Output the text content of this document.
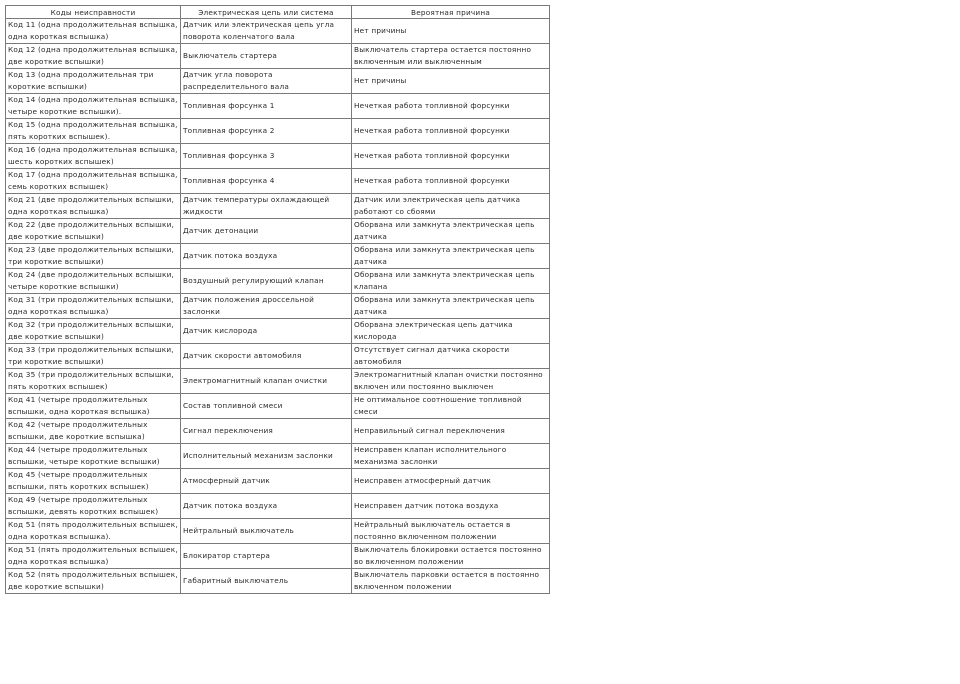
Коды неисправности	Электрическая цепь или система	Вероятная причина
Код 11 (одна продолжительная вспышка, одна короткая вспышка)	Датчик или электрическая цепь угла поворота коленчатого вала	Нет причины
Код 12 (одна продолжительная вспышка, две короткие вспышки)	Выключатель стартера	Выключатель стартера остается постоянно включенным или выключенным
Код 13 (одна продолжительная три короткие вспышки)	Датчик угла поворота распределительного вала	Нет причины
Код 14 (одна продолжительная вспышка, четыре короткие вспышки).	Топливная форсунка 1	Нечеткая работа топливной форсунки
Код 15 (одна продолжительная вспышка, пять коротких вспышек).	Топливная форсунка 2	Нечеткая работа топливной форсунки
Код 16 (одна продолжительная вспышка, шесть коротких вспышек)	Топливная форсунка 3	Нечеткая работа топливной форсунки
Код 17 (одна продолжительная вспышка, семь коротких вспышек)	Топливная форсунка 4	Нечеткая работа топливной форсунки
Код 21 (две продолжительных вспышки, одна короткая вспышка)	Датчик температуры охлаждающей жидкости	Датчик или электрическая цепь датчика работают со сбоями
Код 22 (две продолжительных вспышки, две короткие вспышки)	Датчик детонации	Оборвана или замкнута электрическая цепь датчика
Код 23 (две продолжительных вспышки, три короткие вспышки)	Датчик потока воздуха	Оборвана или замкнута электрическая цепь датчика
Код 24 (две продолжительных вспышки, четыре короткие вспышки)	Воздушный регулирующий клапан	Оборвана или замкнута электрическая цепь клапана
Код 31 (три продолжительных вспышки, одна короткая вспышка)	Датчик положения дроссельной заслонки	Оборвана или замкнута электрическая цепь датчика
Код 32 (три продолжительных вспышки, две короткие вспышки)	Датчик кислорода	Оборвана электрическая цепь датчика кислорода
Код 33 (три продолжительных вспышки, три короткие вспышки)	Датчик скорости автомобиля	Отсутствует сигнал датчика скорости автомобиля
Код 35 (три продолжительных вспышки, пять коротких вспышек)	Электромагнитный клапан очистки	Электромагнитный клапан очистки постоянно включен или постоянно выключен
Код 41 (четыре продолжительных вспышки, одна короткая вспышка)	Состав топливной смеси	Не оптимальное соотношение топливной смеси
Код 42 (четыре продолжительных вспышки, две короткие вспышка)	Сигнал переключения	Неправильный сигнал переключения
Код 44 (четыре продолжительных вспышки, четыре короткие вспышки)	Исполнительный механизм заслонки	Неисправен клапан исполнительного механизма заслонки
Код 45 (четыре продолжительных вспышки, пять коротких вспышек)	Атмосферный датчик	Неисправен атмосферный датчик
Код 49 (четыре продолжительных вспышки, девять коротких вспышек)	Датчик потока воздуха	Неисправен датчик потока воздуха
Код 51 (пять продолжительных вспышек, одна короткая вспышка).	Нейтральный выключатель	Нейтральный выключатель остается в постоянно включенном положении
Код 51 (пять продолжительных вспышек, одна короткая вспышка)	Блокиратор стартера	Выключатель блокировки остается постоянно во включенном положении
Код 52 (пять продолжительных вспышек, две короткие вспышки)	Габаритный выключатель	Выключатель парковки остается в постоянно включенном положении
